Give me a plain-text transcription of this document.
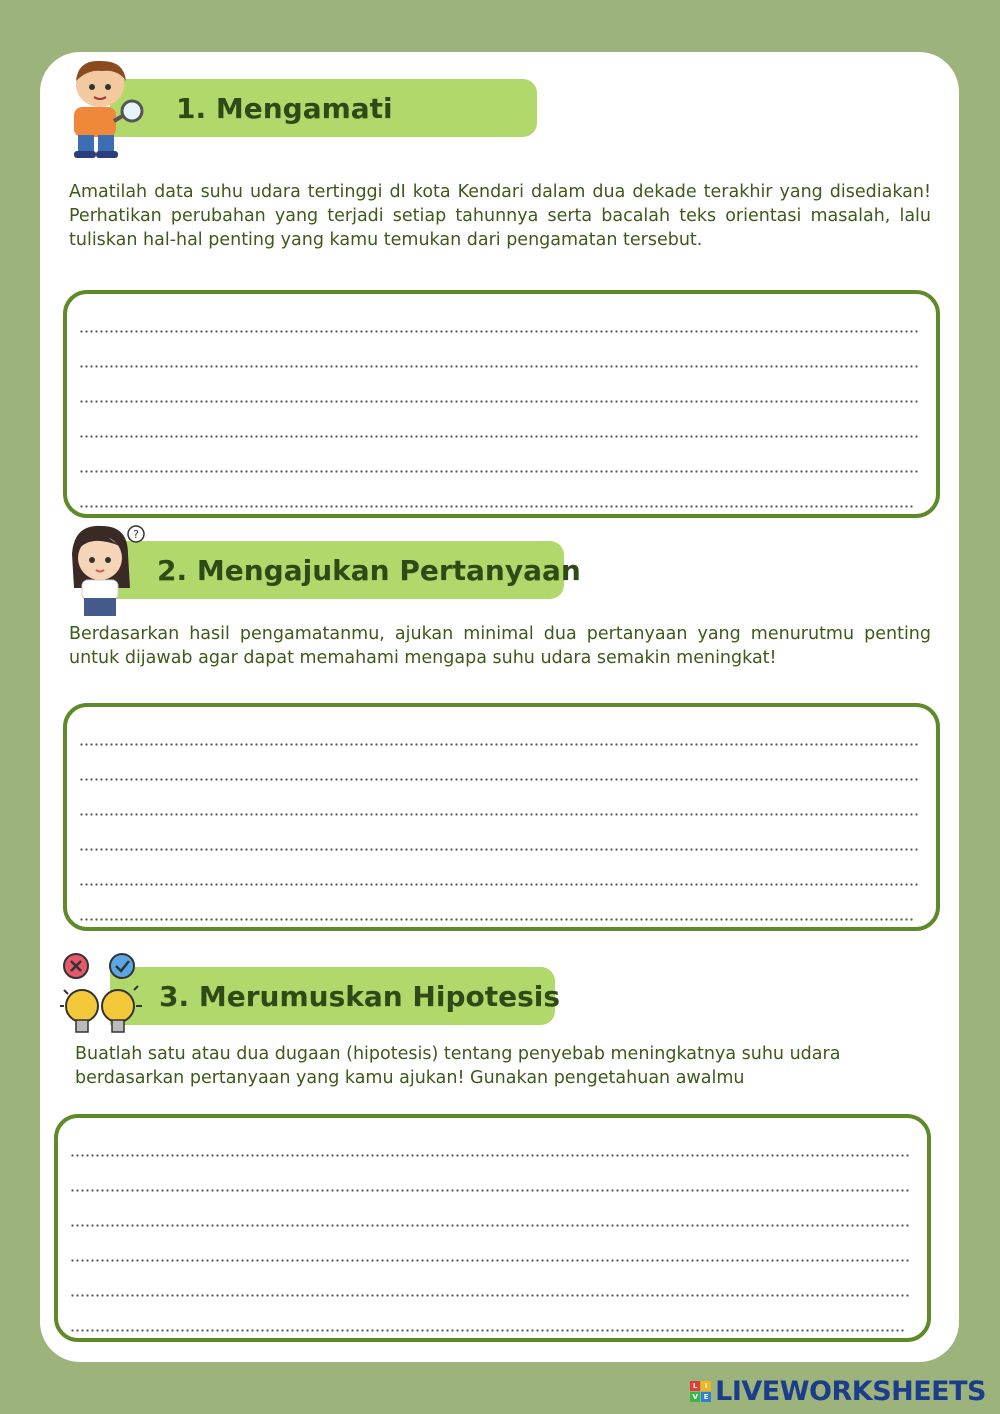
1. Mengamati
Amatilah data suhu udara tertinggi dI kota Kendari dalam dua dekade terakhir yang disediakan! Perhatikan perubahan yang terjadi setiap tahunnya serta bacalah teks orientasi masalah, lalu tuliskan hal-hal penting yang kamu temukan dari pengamatan tersebut.
2. Mengajukan Pertanyaan
?
Berdasarkan hasil pengamatanmu, ajukan minimal dua pertanyaan yang menurutmu penting untuk dijawab agar dapat memahami mengapa suhu udara semakin meningkat!
3. Merumuskan Hipotesis
Buatlah satu atau dua dugaan (hipotesis) tentang penyebab meningkatnya suhu udara berdasarkan pertanyaan yang kamu ajukan! Gunakan pengetahuan awalmu
L	I
V E LIVEWORKSHEETS
